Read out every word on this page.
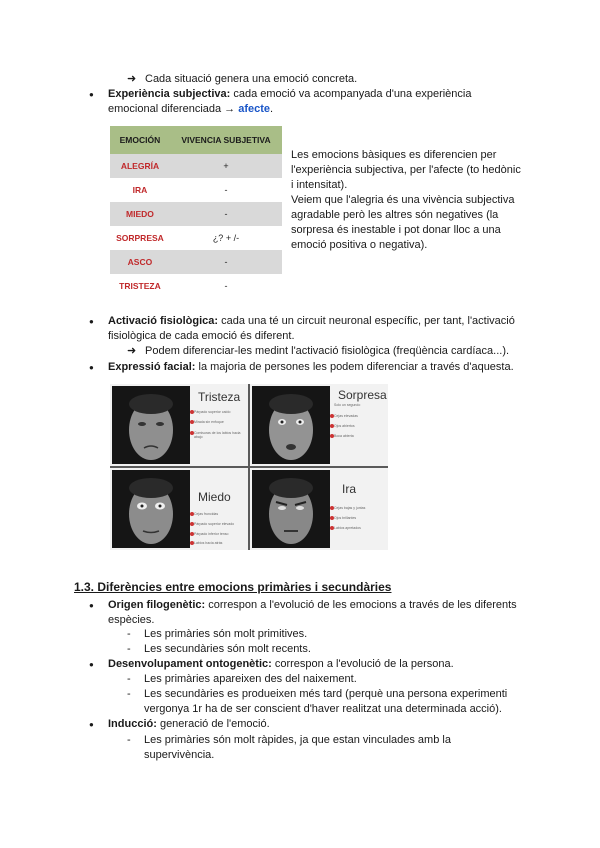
➜ Cada situació genera una emoció concreta.
● Experiència subjectiva: cada emoció va acompanyada d'una experiència
emocional diferenciada → afecte.
EMOCIÓN	VIVENCIA SUBJETIVA
ALEGRÍA	+
IRA	-
MIEDO	-
SORPRESA	¿? + /-
ASCO	-
TRISTEZA	-
Les emocions bàsiques es diferencien per
l'experiència subjectiva, per l'afecte (to hedònic
i intensitat).
Veiem que l'alegria és una vivència subjectiva
agradable però les altres són negatives (la
sorpresa és inestable i pot donar lloc a una
emoció positiva o negativa).
● Activació fisiològica: cada una té un circuit neuronal específic, per tant, l'activació
fisiològica de cada emoció és diferent.
➜ Podem diferenciar-les medint l'activació fisiològica (freqüència cardíaca...).
● Expressió facial: la majoria de persones les podem diferenciar a través d'aquesta.
Tristeza
Párpado superior caído
Mirada sin enfoque
Comisuras de los labios hacia abajo
Sorpresa
Solo un segundo
Cejas elevadas
Ojos abiertos
Boca abierta
Miedo
Cejas fruncidas
Párpado superior elevado
Párpado inferior tenso
Labios hacia atrás
Ira
Cejas bajas y juntas
Ojos brillantes
Labios apretados
1.3. Diferències entre emocions primàries i secundàries
● Origen filogenètic: correspon a l'evolució de les emocions a través de les diferents
espècies.
- Les primàries són molt primitives.
- Les secundàries són molt recents.
● Desenvolupament ontogenètic: correspon a l'evolució de la persona.
- Les primàries apareixen des del naixement.
- Les secundàries es produeixen més tard (perquè una persona experimenti
vergonya 1r ha de ser conscient d'haver realitzat una determinada acció).
● Inducció: generació de l'emoció.
- Les primàries són molt ràpides, ja que estan vinculades amb la
supervivència.
